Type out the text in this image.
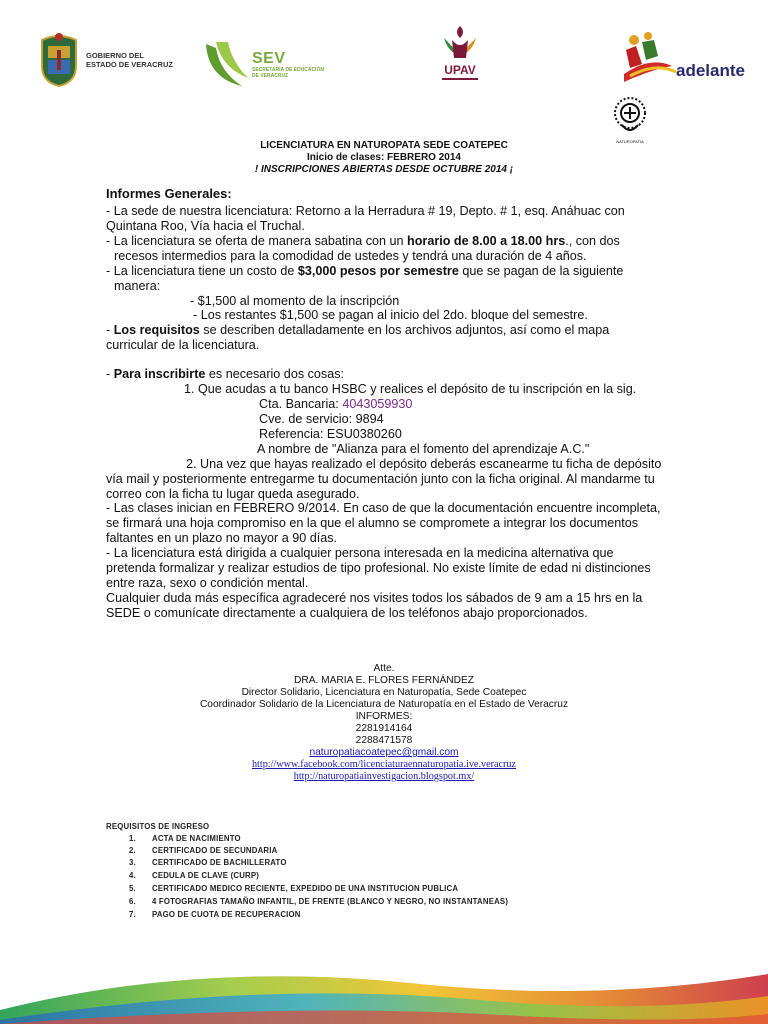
GOBIERNO DEL
ESTADO DE VERACRUZ	SEV
SECRETARÍA DE EDUCACIÓN
DE VERACRUZ	UPAV	adelante
NATUROPATIA
LICENCIATURA EN NATUROPATA SEDE COATEPEC
Inicio de clases: FEBRERO 2014
! INSCRIPCIONES ABIERTAS DESDE OCTUBRE 2014 ¡
Informes Generales:
- La sede de nuestra licenciatura: Retorno a la Herradura # 19, Depto. # 1, esq. Anáhuac con
Quintana Roo, Vía hacia el Truchal.
- La licenciatura se oferta de manera sabatina con un horario de 8.00 a 18.00 hrs., con dos
recesos intermedios para la comodidad de ustedes y tendrá una duración de 4 años.
- La licenciatura tiene un costo de $3,000 pesos por semestre que se pagan de la siguiente
manera:
- $1,500 al momento de la inscripción
- Los restantes $1,500 se pagan al inicio del 2do. bloque del semestre.
- Los requisitos se describen detalladamente en los archivos adjuntos, así como el mapa
curricular de la licenciatura.
- Para inscribirte es necesario dos cosas:
1. Que acudas a tu banco HSBC y realices el depósito de tu inscripción en la sig.
Cta. Bancaria: 4043059930
Cve. de servicio: 9894
Referencia: ESU0380260
A nombre de "Alianza para el fomento del aprendizaje A.C."
2. Una vez que hayas realizado el depósito deberás escanearme tu ficha de depósito
vía mail y posteriormente entregarme tu documentación junto con la ficha original. Al mandarme tu
correo con la ficha tu lugar queda asegurado.
- Las clases inician en FEBRERO 9/2014. En caso de que la documentación encuentre incompleta,
se firmará una hoja compromiso en la que el alumno se compromete a integrar los documentos
faltantes en un plazo no mayor a 90 días.
- La licenciatura está dirigida a cualquier persona interesada en la medicina alternativa que
pretenda formalizar y realizar estudios de tipo profesional. No existe límite de edad ni distinciones
entre raza, sexo o condición mental.
Cualquier duda más específica agradeceré nos visites todos los sábados de 9 am a 15 hrs en la
SEDE o comunícate directamente a cualquiera de los teléfonos abajo proporcionados.
Atte.
DRA. MARIA E. FLORES FERNÁNDEZ
Director Solidario, Licenciatura en Naturopatía, Sede Coatepec
Coordinador Solidario de la Licenciatura de Naturopatía en el Estado de Veracruz
INFORMES:
2281914164
2288471578
naturopatiacoatepec@gmail.com
http://www.facebook.com/licenciaturaennaturopatia.ive.veracruz
http://naturopatiainvestigacion.blogspot.mx/
REQUISITOS DE INGRESO
1. ACTA DE NACIMIENTO
2. CERTIFICADO DE SECUNDARIA
3. CERTIFICADO DE BACHILLERATO
4. CEDULA DE CLAVE (CURP)
5. CERTIFICADO MEDICO RECIENTE, EXPEDIDO DE UNA INSTITUCION PUBLICA
6. 4 FOTOGRAFIAS TAMAÑO INFANTIL, DE FRENTE (BLANCO Y NEGRO, NO INSTANTANEAS)
7. PAGO DE CUOTA DE RECUPERACION
